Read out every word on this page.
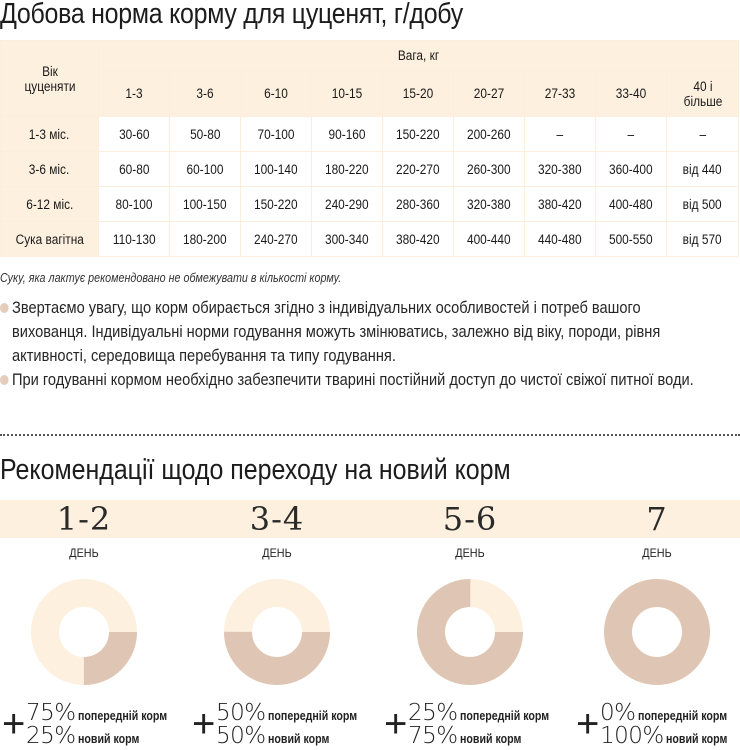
Добова норма корму для цуценят, г/добу
Вік цуценяти	Вага, кг								
	1-3	3-6	6-10	10-15	15-20	20-27	27-33	33-40	40 і більше
1-3 міс.	30-60	50-80	70-100	90-160	150-220	200-260	–	–	–
3-6 міс.	60-80	60-100	100-140	180-220	220-270	260-300	320-380	360-400	від 440
6-12 міс.	80-100	100-150	150-220	240-290	280-360	320-380	380-420	400-480	від 500
Сука вагітна	110-130	180-200	240-270	300-340	380-420	400-440	440-480	500-550	від 570
Суку, яка лактує рекомендовано не обмежувати в кількості корму.
Звертаємо увагу, що корм обирається згідно з індивідуальних особливостей і потреб вашого вихованця. Індивідуальні норми годування можуть змінюватись, залежно від віку, породи, рівня активності, середовища перебування та типу годування.
При годуванні кормом необхідно забезпечити тварині постійний доступ до чистої свіжої питної води.
Рекомендації щодо переходу на новий корм
1-2
ДЕНЬ
+ 75% попередній корм
25% новий корм
3-4
ДЕНЬ
+ 50% попередній корм
50% новий корм
5-6
ДЕНЬ
+ 25% попередній корм
75% новий корм
7
ДЕНЬ
+ 0% попередній корм
100% новий корм
